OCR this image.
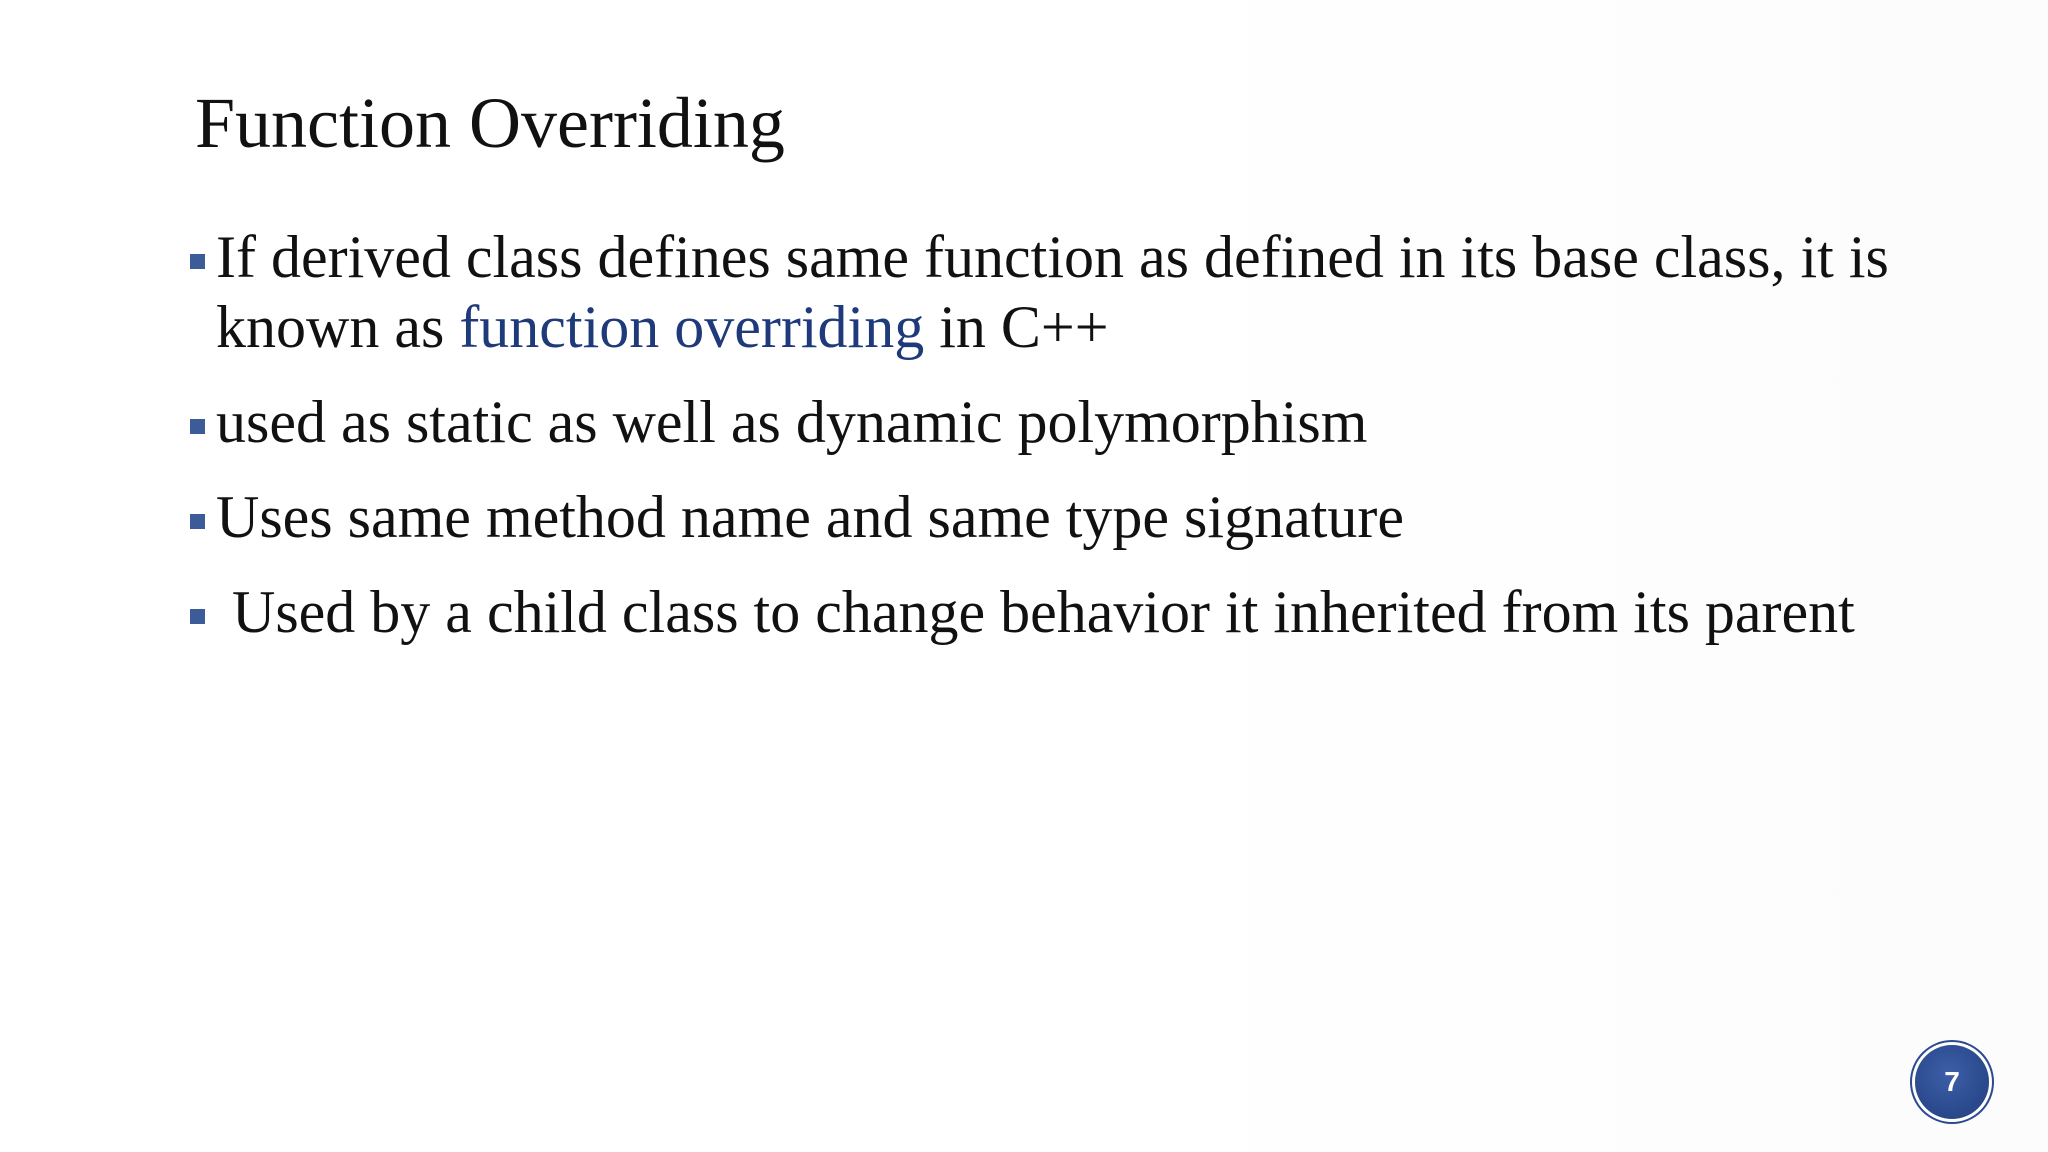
Function Overriding
If derived class defines same function as defined in its base class, it is known as function overriding in C++
used as static as well as dynamic polymorphism
Uses same method name and same type signature
Used by a child class to change behavior it inherited from its parent
7
